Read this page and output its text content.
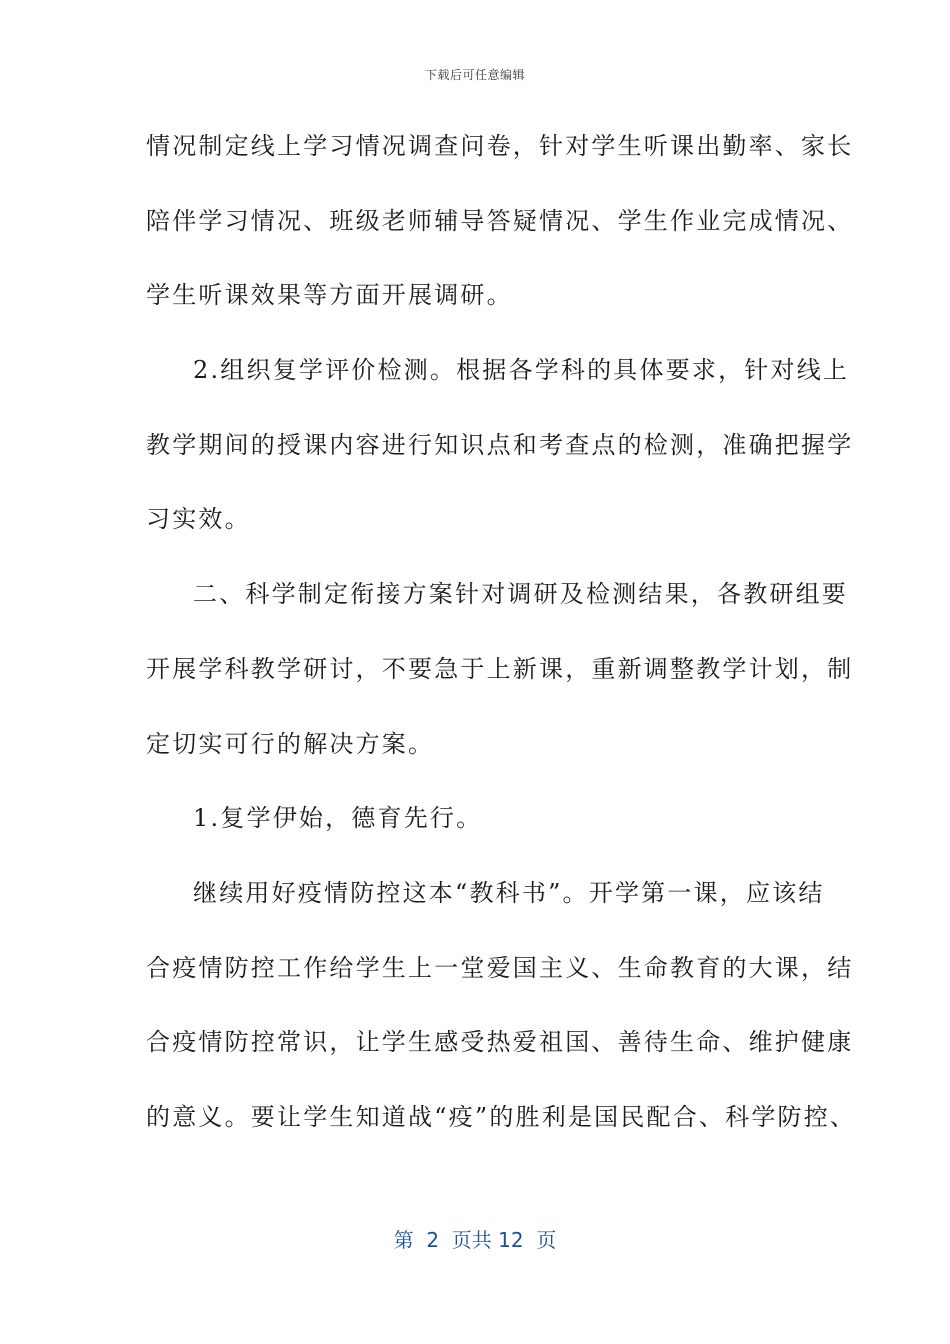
下载后可任意编辑
情况制定线上学习情况调查问卷，针对学生听课出勤率、家长
陪伴学习情况、班级老师辅导答疑情况、学生作业完成情况、
学生听课效果等方面开展调研。
2.组织复学评价检测。根据各学科的具体要求，针对线上
教学期间的授课内容进行知识点和考查点的检测，准确把握学
习实效。
二、科学制定衔接方案针对调研及检测结果，各教研组要
开展学科教学研讨，不要急于上新课，重新调整教学计划，制
定切实可行的解决方案。
1.复学伊始，德育先行。
继续用好疫情防控这本“教科书”。开学第一课，应该结
合疫情防控工作给学生上一堂爱国主义、生命教育的大课，结
合疫情防控常识，让学生感受热爱祖国、善待生命、维护健康
的意义。要让学生知道战“疫”的胜利是国民配合、科学防控、
第  2  页共 12  页
